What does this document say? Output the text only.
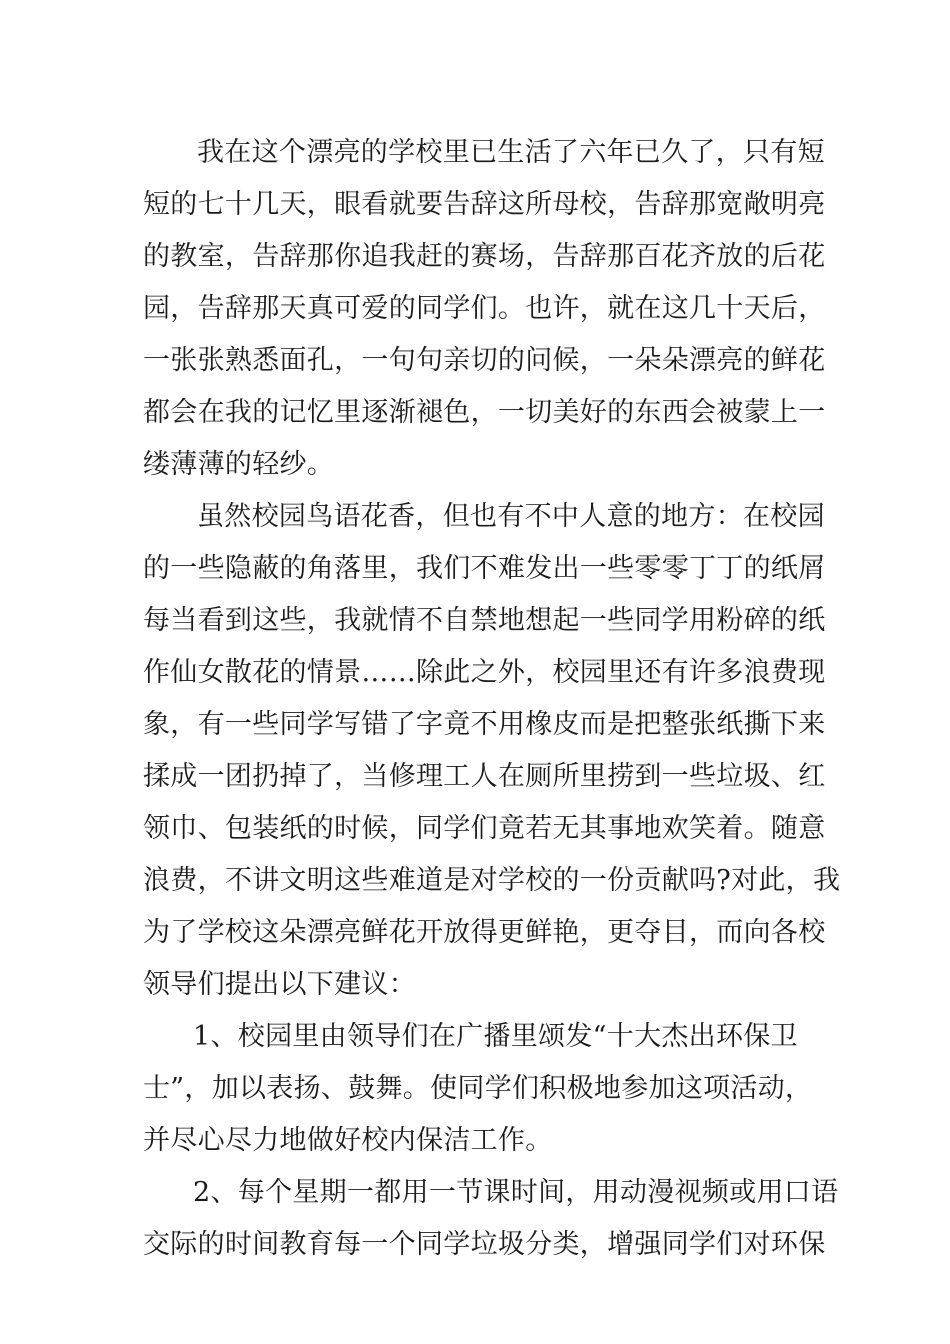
我在这个漂亮的学校里已生活了六年已久了，只有短
短的七十几天，眼看就要告辞这所母校，告辞那宽敞明亮
的教室，告辞那你追我赶的赛场，告辞那百花齐放的后花
园，告辞那天真可爱的同学们。也许，就在这几十天后，
一张张熟悉面孔，一句句亲切的问候，一朵朵漂亮的鲜花
都会在我的记忆里逐渐褪色，一切美好的东西会被蒙上一
缕薄薄的轻纱。
虽然校园鸟语花香，但也有不中人意的地方：在校园
的一些隐蔽的角落里，我们不难发出一些零零丁丁的纸屑
每当看到这些，我就情不自禁地想起一些同学用粉碎的纸
作仙女散花的情景……除此之外，校园里还有许多浪费现
象，有一些同学写错了字竟不用橡皮而是把整张纸撕下来
揉成一团扔掉了，当修理工人在厕所里捞到一些垃圾、红
领巾、包装纸的时候，同学们竟若无其事地欢笑着。随意
浪费，不讲文明这些难道是对学校的一份贡献吗?对此，我
为了学校这朵漂亮鲜花开放得更鲜艳，更夺目，而向各校
领导们提出以下建议：
1、校园里由领导们在广播里颂发“十大杰出环保卫
士”，加以表扬、鼓舞。使同学们积极地参加这项活动，
并尽心尽力地做好校内保洁工作。
2、每个星期一都用一节课时间，用动漫视频或用口语
交际的时间教育每一个同学垃圾分类，增强同学们对环保
